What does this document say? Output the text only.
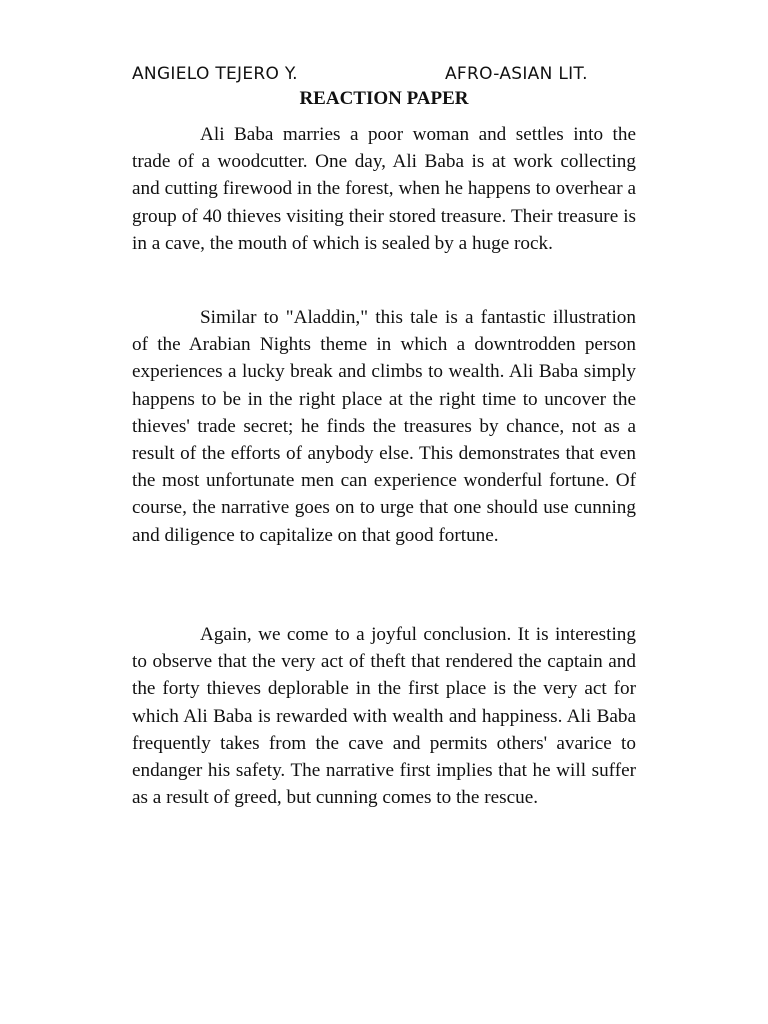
ANGIELO TEJERO Y.	AFRO-ASIAN LIT.
REACTION PAPER

Ali Baba marries a poor woman and settles into the trade of a woodcutter. One day, Ali Baba is at work collecting and cutting firewood in the forest, when he happens to overhear a group of 40 thieves visiting their stored treasure. Their treasure is in a cave, the mouth of which is sealed by a huge rock.

Similar to "Aladdin," this tale is a fantastic illustration of the Arabian Nights theme in which a downtrodden person experiences a lucky break and climbs to wealth. Ali Baba simply happens to be in the right place at the right time to uncover the thieves' trade secret; he finds the treasures by chance, not as a result of the efforts of anybody else. This demonstrates that even the most unfortunate men can experience wonderful fortune. Of course, the narrative goes on to urge that one should use cunning and diligence to capitalize on that good fortune.

Again, we come to a joyful conclusion. It is interesting to observe that the very act of theft that rendered the captain and the forty thieves deplorable in the first place is the very act for which Ali Baba is rewarded with wealth and happiness. Ali Baba frequently takes from the cave and permits others' avarice to endanger his safety. The narrative first implies that he will suffer as a result of greed, but cunning comes to the rescue.
